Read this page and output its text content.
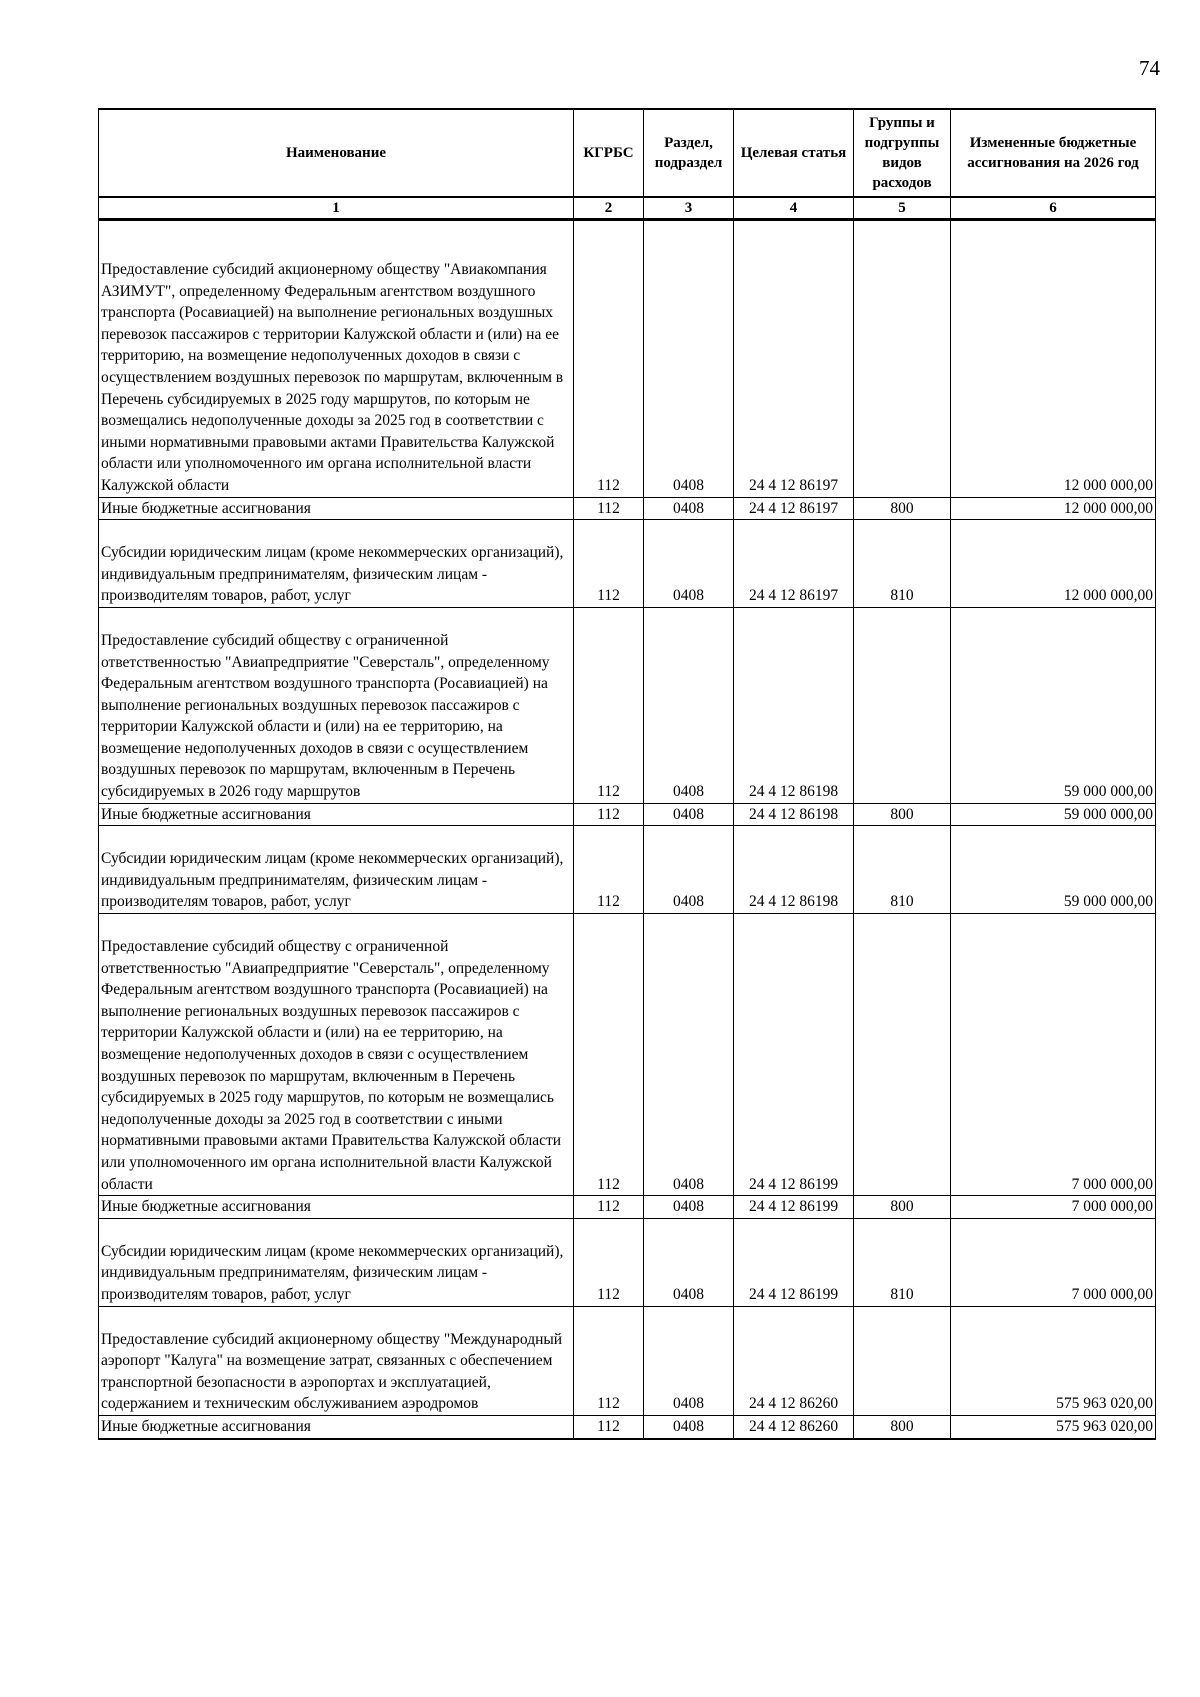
74
Наименование	КГРБС	Раздел, подраздел	Целевая статья	Группы и подгруппы видов расходов	Измененные бюджетные ассигнования на 2026 год
1	2	3	4	5	6

Предоставление субсидий акционерному обществу "Авиакомпания АЗИМУТ", определенному Федеральным агентством воздушного транспорта (Росавиацией) на выполнение региональных воздушных перевозок пассажиров с территории Калужской области и (или) на ее территорию, на возмещение недополученных доходов в связи с осуществлением воздушных перевозок по маршрутам, включенным в Перечень субсидируемых в 2025 году маршрутов, по которым не возмещались недополученные доходы за 2025 год в соответствии с иными нормативными правовыми актами Правительства Калужской области или уполномоченного им органа исполнительной власти Калужской области	112	0408	24 4 12 86197		12 000 000,00
Иные бюджетные ассигнования	112	0408	24 4 12 86197	800	12 000 000,00

Субсидии юридическим лицам (кроме некоммерческих организаций), индивидуальным предпринимателям, физическим лицам - производителям товаров, работ, услуг	112	0408	24 4 12 86197	810	12 000 000,00

Предоставление субсидий обществу с ограниченной ответственностью "Авиапредприятие "Северсталь", определенному Федеральным агентством воздушного транспорта (Росавиацией) на выполнение региональных воздушных перевозок пассажиров с территории Калужской области и (или) на ее территорию, на возмещение недополученных доходов в связи с осуществлением воздушных перевозок по маршрутам, включенным в Перечень субсидируемых в 2026 году маршрутов	112	0408	24 4 12 86198		59 000 000,00
Иные бюджетные ассигнования	112	0408	24 4 12 86198	800	59 000 000,00

Субсидии юридическим лицам (кроме некоммерческих организаций), индивидуальным предпринимателям, физическим лицам - производителям товаров, работ, услуг	112	0408	24 4 12 86198	810	59 000 000,00

Предоставление субсидий обществу с ограниченной ответственностью "Авиапредприятие "Северсталь", определенному Федеральным агентством воздушного транспорта (Росавиацией) на выполнение региональных воздушных перевозок пассажиров с территории Калужской области и (или) на ее территорию, на возмещение недополученных доходов в связи с осуществлением воздушных перевозок по маршрутам, включенным в Перечень субсидируемых в 2025 году маршрутов, по которым не возмещались недополученные доходы за 2025 год в соответствии с иными нормативными правовыми актами Правительства Калужской области или уполномоченного им органа исполнительной власти Калужской области	112	0408	24 4 12 86199		7 000 000,00
Иные бюджетные ассигнования	112	0408	24 4 12 86199	800	7 000 000,00

Субсидии юридическим лицам (кроме некоммерческих организаций), индивидуальным предпринимателям, физическим лицам - производителям товаров, работ, услуг	112	0408	24 4 12 86199	810	7 000 000,00

Предоставление субсидий акционерному обществу "Международный аэропорт "Калуга" на возмещение затрат, связанных с обеспечением транспортной безопасности в аэропортах и эксплуатацией, содержанием и техническим обслуживанием аэродромов	112	0408	24 4 12 86260		575 963 020,00
Иные бюджетные ассигнования	112	0408	24 4 12 86260	800	575 963 020,00
